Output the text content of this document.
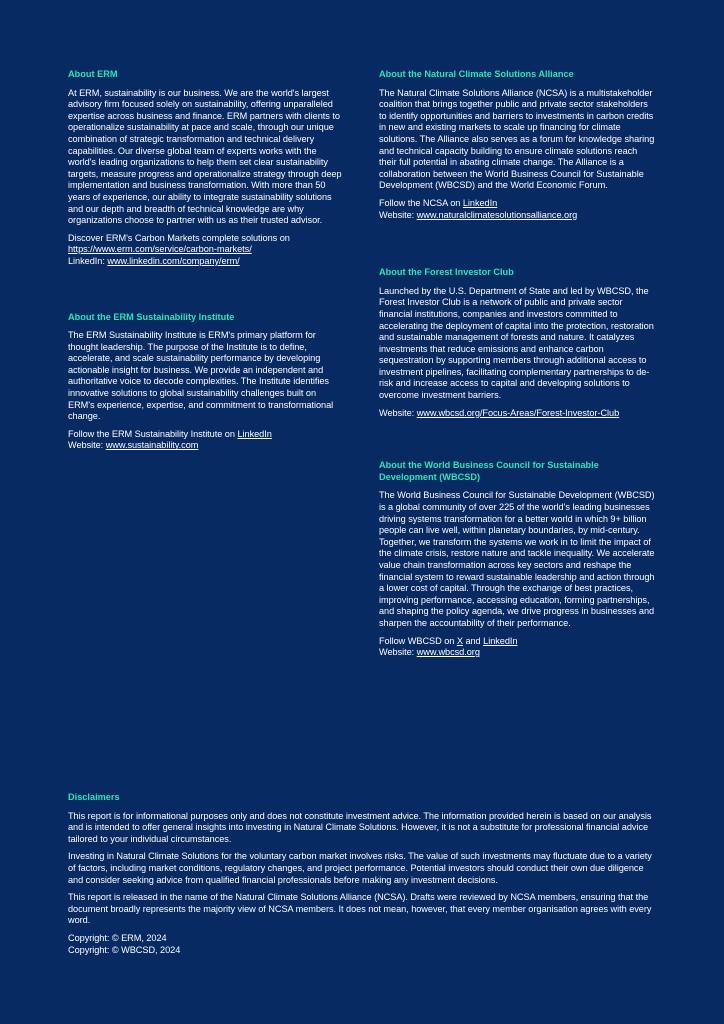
About ERM

At ERM, sustainability is our business. We are the world's largest advisory firm focused solely on sustainability, offering unparalleled expertise across business and finance. ERM partners with clients to operationalize sustainability at pace and scale, through our unique combination of strategic transformation and technical delivery capabilities. Our diverse global team of experts works with the world's leading organizations to help them set clear sustainability targets, measure progress and operationalize strategy through deep implementation and business transformation. With more than 50 years of experience, our ability to integrate sustainability solutions and our depth and breadth of technical knowledge are why organizations choose to partner with us as their trusted advisor.

Discover ERM's Carbon Markets complete solutions on
https://www.erm.com/service/carbon-markets/
LinkedIn: www.linkedin.com/company/erm/

About the ERM Sustainability Institute

The ERM Sustainability Institute is ERM's primary platform for thought leadership. The purpose of the Institute is to define, accelerate, and scale sustainability performance by developing actionable insight for business. We provide an independent and authoritative voice to decode complexities. The Institute identifies innovative solutions to global sustainability challenges built on ERM's experience, expertise, and commitment to transformational change.

Follow the ERM Sustainability Institute on LinkedIn
Website: www.sustainability.com

About the Natural Climate Solutions Alliance

The Natural Climate Solutions Alliance (NCSA) is a multistakeholder coalition that brings together public and private sector stakeholders to identify opportunities and barriers to investments in carbon credits in new and existing markets to scale up financing for climate solutions. The Alliance also serves as a forum for knowledge sharing and technical capacity building to ensure climate solutions reach their full potential in abating climate change. The Alliance is a collaboration between the World Business Council for Sustainable Development (WBCSD) and the World Economic Forum.

Follow the NCSA on LinkedIn
Website: www.naturalclimatesolutionsalliance.org

About the Forest Investor Club

Launched by the U.S. Department of State and led by WBCSD, the Forest Investor Club is a network of public and private sector financial institutions, companies and investors committed to accelerating the deployment of capital into the protection, restoration and sustainable management of forests and nature. It catalyzes investments that reduce emissions and enhance carbon sequestration by supporting members through additional access to investment pipelines, facilitating complementary partnerships to de-risk and increase access to capital and developing solutions to overcome investment barriers.

Website: www.wbcsd.org/Focus-Areas/Forest-Investor-Club

About the World Business Council for Sustainable Development (WBCSD)

The World Business Council for Sustainable Development (WBCSD) is a global community of over 225 of the world's leading businesses driving systems transformation for a better world in which 9+ billion people can live well, within planetary boundaries, by mid-century. Together, we transform the systems we work in to limit the impact of the climate crisis, restore nature and tackle inequality. We accelerate value chain transformation across key sectors and reshape the financial system to reward sustainable leadership and action through a lower cost of capital. Through the exchange of best practices, improving performance, accessing education, forming partnerships, and shaping the policy agenda, we drive progress in businesses and sharpen the accountability of their performance.

Follow WBCSD on X and LinkedIn
Website: www.wbcsd.org

Disclaimers

This report is for informational purposes only and does not constitute investment advice. The information provided herein is based on our analysis and is intended to offer general insights into investing in Natural Climate Solutions. However, it is not a substitute for professional financial advice tailored to your individual circumstances.

Investing in Natural Climate Solutions for the voluntary carbon market involves risks. The value of such investments may fluctuate due to a variety of factors, including market conditions, regulatory changes, and project performance. Potential investors should conduct their own due diligence and consider seeking advice from qualified financial professionals before making any investment decisions.

This report is released in the name of the Natural Climate Solutions Alliance (NCSA). Drafts were reviewed by NCSA members, ensuring that the document broadly represents the majority view of NCSA members. It does not mean, however, that every member organisation agrees with every word.

Copyright: © ERM, 2024
Copyright: © WBCSD, 2024
